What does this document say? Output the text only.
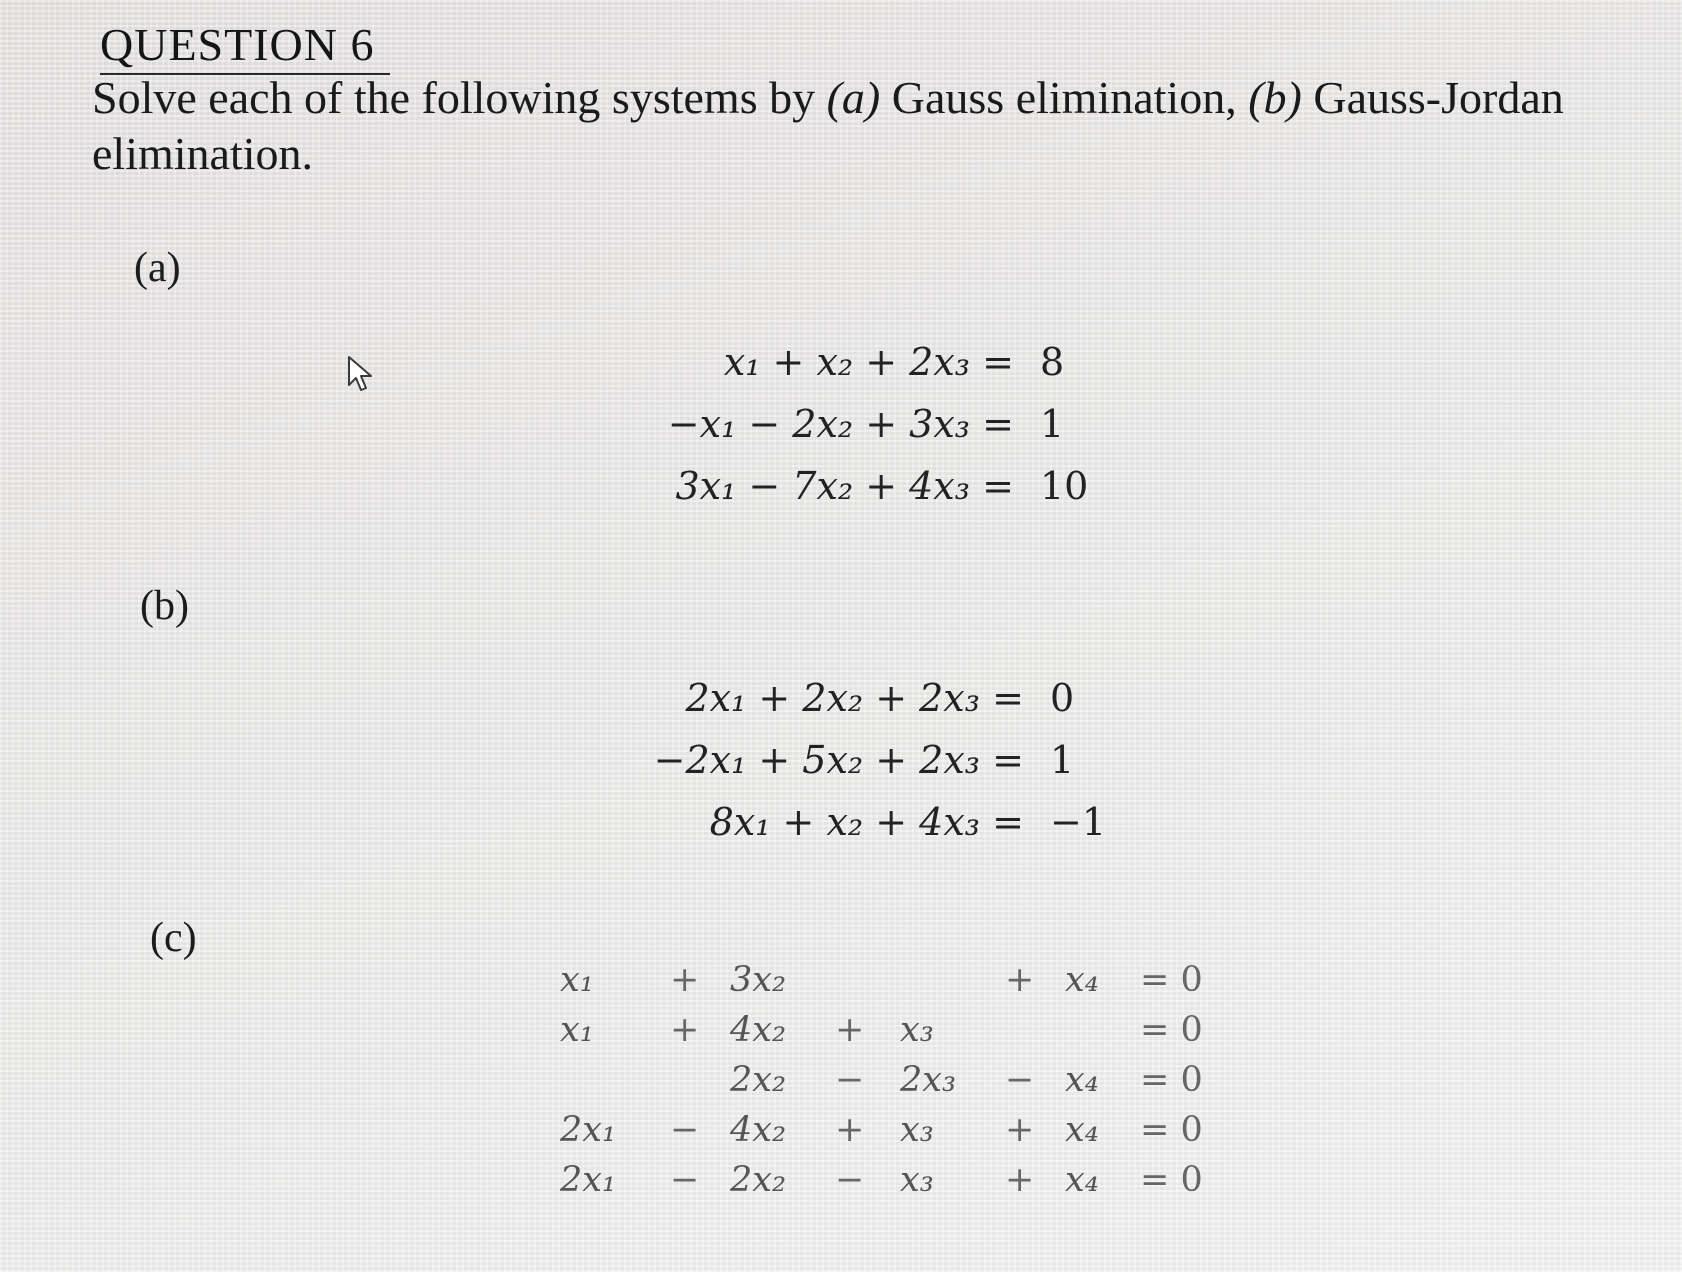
QUESTION 6
Solve each of the following systems by (a) Gauss elimination, (b) Gauss-Jordan elimination.
(a)
x₁ + x₂ + 2x₃ = 8
−x₁ − 2x₂ + 3x₃ = 1
3x₁ − 7x₂ + 4x₃ = 10
(b)
2x₁ + 2x₂ + 2x₃ = 0
−2x₁ + 5x₂ + 2x₃ = 1
8x₁ + x₂ + 4x₃ = −1
(c)
x₁ + 3x₂	+ x₄ = 0
x₁ + 4x₂ + x₃	= 0
2x₂ − 2x₃ − x₄ = 0
2x₁ − 4x₂ + x₃ + x₄ = 0
2x₁ − 2x₂ − x₃ + x₄ = 0
